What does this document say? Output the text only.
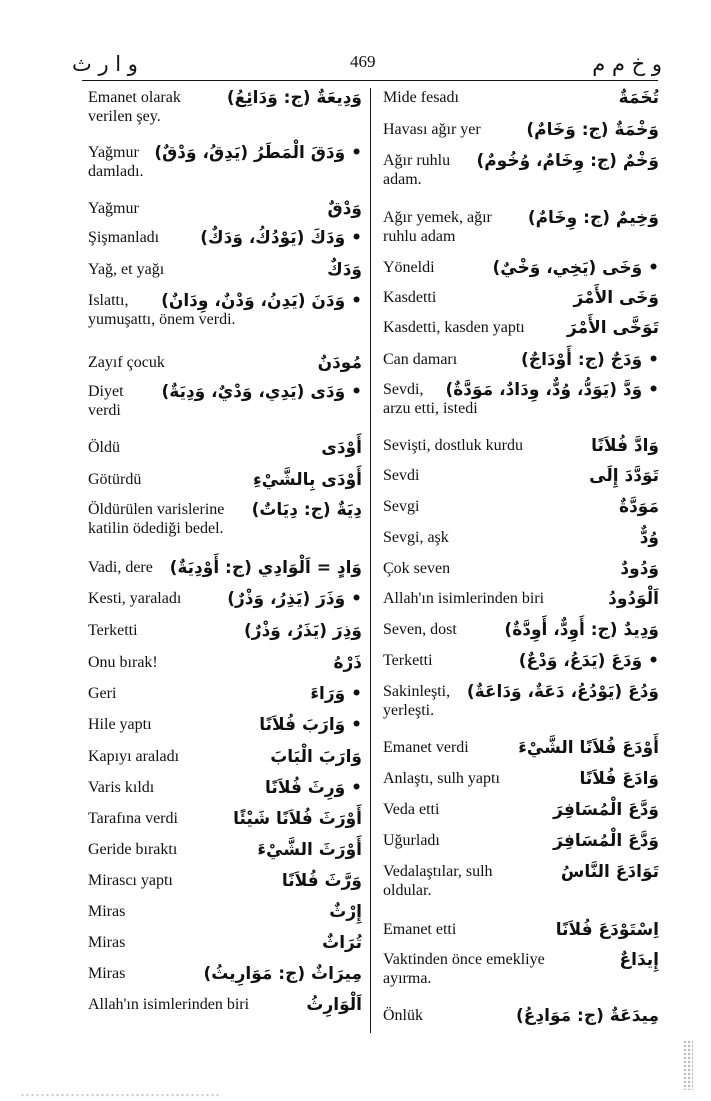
و ا ر ث	469	و خ م م
Emanet olarak	وَدِيعَةٌ (ج: وَدَائِعُ)
verilen şey.
Yağmur • وَدَقَ الْمَطَرُ (يَدِقُ، وَدْقٌ)
damladı.
Yağmur	وَدْقٌ
Şişmanladı • وَدَكَ (يَوْدُكُ، وَدَكٌ)
Yağ, et yağı	وَدَكٌ
Islattı, • وَدَنَ (يَدِنُ، وَدْنٌ، وِدَانٌ)
yumuşattı, önem verdi.
Zayıf çocuk	مُودَنٌ
Diyet • وَدَى (يَدِي، وَدْيٌ، وَدِيَةٌ)
verdi
Öldü	أَوْدَى
Götürdü	أَوْدَى بِالشَّيْءِ
Öldürülen varislerine دِيَةٌ (ج: دِيَاتٌ)
katilin ödediği bedel.
Vadi, dere وَادٍ = اَلْوَادِي (ج: أَوْدِيَةٌ)
Kesti, yaraladı	• وَذَرَ (يَذِرُ، وَذْرٌ)
Terketti	وَذِرَ (يَذَرُ، وَذْرٌ)
Onu bırak!	ذَرْهُ
Geri	• وَرَاءَ
Hile yaptı	• وَارَبَ فُلاَنًا
Kapıyı araladı	وَارَبَ الْبَابَ
Varis kıldı	• وَرِثَ فُلاَنًا
Tarafına verdi	أَوْرَثَ فُلاَنًا شَيْئًا
Geride bıraktı	أَوْرَثَ الشَّيْءَ
Mirascı yaptı	وَرَّثَ فُلاَنًا
Miras	إِرْثٌ
Miras	تُرَاثٌ
Miras	مِيرَاثٌ (ج: مَوَارِيثُ)
Allah'ın isimlerinden biri	اَلْوَارِثُ
Mide fesadı	تُخَمَةٌ
Havası ağır yer	وَخْمَةٌ (ج: وَخَامٌ)
Ağır ruhlu وَخْمٌ (ج: وِخَامٌ، وُخُومٌ)
adam.
Ağır yemek, ağır وَخِيمٌ (ج: وِخَامٌ)
ruhlu adam
Yöneldi	• وَخَى (يَخِي، وَخْيٌ)
Kasdetti	وَخَى الأَمْرَ
Kasdetti, kasden yaptı تَوَخَّى الأَمْرَ
Can damarı	• وَدَجٌ (ج: أَوْدَاجٌ)
Sevdi, • وَدَّ (يَوَدُّ، وُدٌّ، وِدَادٌ، مَوَدَّةٌ)
arzu etti, istedi
Sevişti, dostluk kurdu	وَادَّ فُلاَنًا
Sevdi	تَوَدَّدَ إِلَى
Sevgi	مَوَدَّةٌ
Sevgi, aşk	وُدٌّ
Çok seven	وَدُودٌ
Allah'ın isimlerinden biri	اَلْوَدُودُ
Seven, dost	وَدِيدٌ (ج: أَوِدٌّ، أَوِدَّةٌ)
Terketti	• وَدَعَ (يَدَعُ، وَدْعٌ)
Sakinleşti, وَدُعَ (يَوْدُعُ، دَعَةٌ، وَدَاعَةٌ)
yerleşti.
Emanet verdi	أَوْدَعَ فُلاَنًا الشَّيْءَ
Anlaştı, sulh yaptı	وَادَعَ فُلاَنًا
Veda etti	وَدَّعَ الْمُسَافِرَ
Uğurladı	وَدَّعَ الْمُسَافِرَ
Vedalaştılar, sulh	تَوَادَعَ النَّاسُ
oldular.
Emanet etti	اِسْتَوْدَعَ فُلاَنًا
Vaktinden önce emekliye	إِيدَاعٌ
ayırma.
Önlük	مِيدَعَةٌ (ج: مَوَادِعُ)
